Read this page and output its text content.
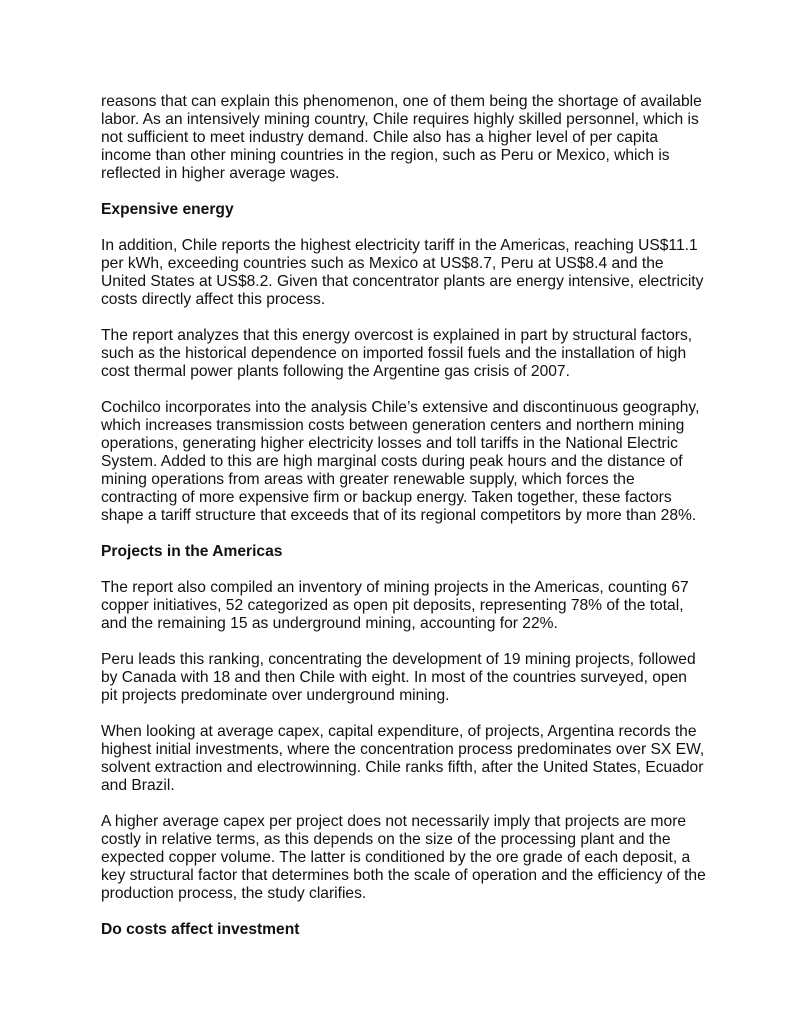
reasons that can explain this phenomenon, one of them being the shortage of available labor. As an intensively mining country, Chile requires highly skilled personnel, which is not sufficient to meet industry demand. Chile also has a higher level of per capita income than other mining countries in the region, such as Peru or Mexico, which is reflected in higher average wages.

Expensive energy

In addition, Chile reports the highest electricity tariff in the Americas, reaching US$11.1 per kWh, exceeding countries such as Mexico at US$8.7, Peru at US$8.4 and the United States at US$8.2. Given that concentrator plants are energy intensive, electricity costs directly affect this process.

The report analyzes that this energy overcost is explained in part by structural factors, such as the historical dependence on imported fossil fuels and the installation of high cost thermal power plants following the Argentine gas crisis of 2007.

Cochilco incorporates into the analysis Chile’s extensive and discontinuous geography, which increases transmission costs between generation centers and northern mining operations, generating higher electricity losses and toll tariffs in the National Electric System. Added to this are high marginal costs during peak hours and the distance of mining operations from areas with greater renewable supply, which forces the contracting of more expensive firm or backup energy. Taken together, these factors shape a tariff structure that exceeds that of its regional competitors by more than 28%.

Projects in the Americas

The report also compiled an inventory of mining projects in the Americas, counting 67 copper initiatives, 52 categorized as open pit deposits, representing 78% of the total, and the remaining 15 as underground mining, accounting for 22%.

Peru leads this ranking, concentrating the development of 19 mining projects, followed by Canada with 18 and then Chile with eight. In most of the countries surveyed, open pit projects predominate over underground mining.

When looking at average capex, capital expenditure, of projects, Argentina records the highest initial investments, where the concentration process predominates over SX EW, solvent extraction and electrowinning. Chile ranks fifth, after the United States, Ecuador and Brazil.

A higher average capex per project does not necessarily imply that projects are more costly in relative terms, as this depends on the size of the processing plant and the expected copper volume. The latter is conditioned by the ore grade of each deposit, a key structural factor that determines both the scale of operation and the efficiency of the production process, the study clarifies.

Do costs affect investment
